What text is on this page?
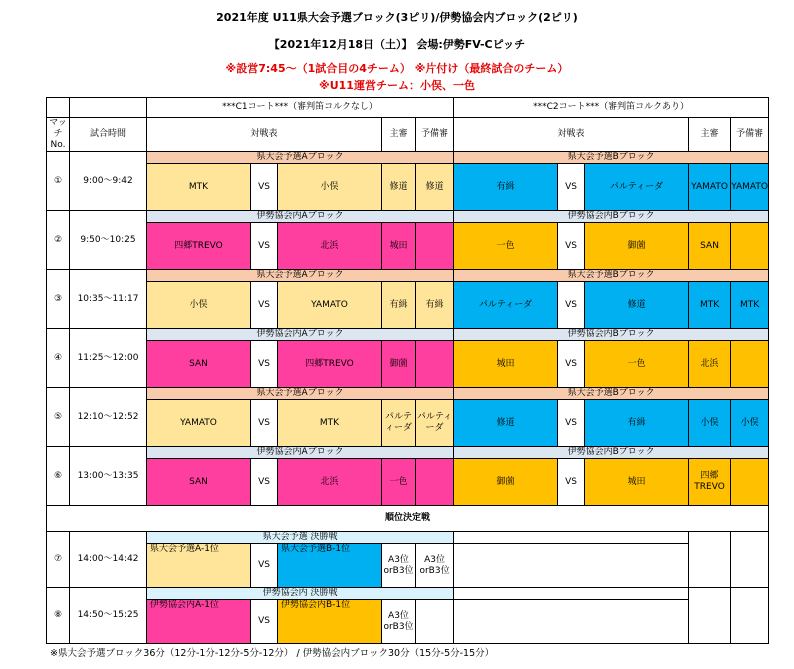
2021年度 U11県大会予選ブロック(3ピリ)/伊勢協会内ブロック(2ピリ)
【2021年12月18日（土）】 会場:伊勢FV-Cピッチ
※設営7:45～（1試合目の4チーム） ※片付け（最終試合のチーム）
※U11運営チーム：小俣、一色
		***C1コート***（審判笛コルクなし）					***C2コート***（審判笛コルクあり）				
マッチNo.	試合時間	対戦表			主審	予備審	対戦表			主審	予備審
①	9:00～9:42	県大会予選Aブロック					県大会予選Bブロック				
		MTK	VS	小俣	修道	修道	有緝	VS	パルティーダ	YAMATO	YAMATO
②	9:50～10:25	伊勢協会内Aブロック					伊勢協会内Bブロック				
		四郷TREVO	VS	北浜	城田		一色	VS	御薗	SAN	
③	10:35～11:17	県大会予選Aブロック					県大会予選Bブロック				
		小俣	VS	YAMATO	有緝	有緝	パルティーダ	VS	修道	MTK	MTK
④	11:25～12:00	伊勢協会内Aブロック					伊勢協会内Bブロック				
		SAN	VS	四郷TREVO	御薗		城田	VS	一色	北浜	
⑤	12:10～12:52	県大会予選Aブロック					県大会予選Bブロック				
		YAMATO	VS	MTK	パルティーダ	パルティーダ	修道	VS	有緝	小俣	小俣
⑥	13:00～13:35	伊勢協会内Aブロック					伊勢協会内Bブロック				
		SAN	VS	北浜	一色		御薗	VS	城田	四郷TREVO	
順位決定戦											
⑦	14:00～14:42	県大会予選 決勝戦									
		県大会予選A-1位	VS	県大会予選B-1位	A3位orB3位	A3位orB3位					
⑧	14:50～15:25	伊勢協会内 決勝戦									
		伊勢協会内A-1位	VS	伊勢協会内B-1位	A3位orB3位						
※県大会予選ブロック36分（12分-1分-12分-5分-12分） / 伊勢協会内ブロック30分（15分-5分-15分）
